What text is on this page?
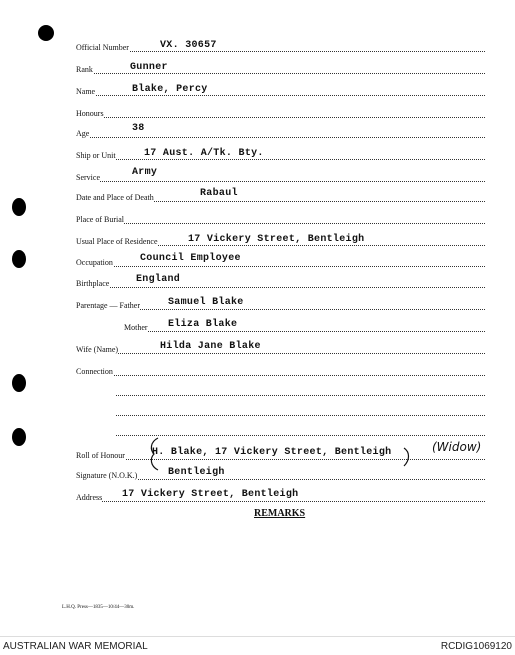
Official Number	VX. 30657
Rank	Gunner
Name	Blake, Percy
Honours
Age	38
Ship or Unit	17 Aust. A/Tk. Bty.
Service	Army
Date and Place of Death	Rabaul
Place of Burial
Usual Place of Residence	17 Vickery Street, Bentleigh
Occupation	Council Employee
Birthplace	England
Parentage — Father	Samuel Blake
Mother Eliza Blake
Wife (Name)	Hilda Jane Blake
Connection
Roll of Honour	H. Blake, 17 Vickery Street, Bentleigh
Signature (N.O.K.)	Bentleigh
Address 17 Vickery Street, Bentleigh
(Widow)
REMARKS
L.H.Q. Press—1835—10/44—30m.
AUSTRALIAN WAR MEMORIAL	RCDIG1069120
